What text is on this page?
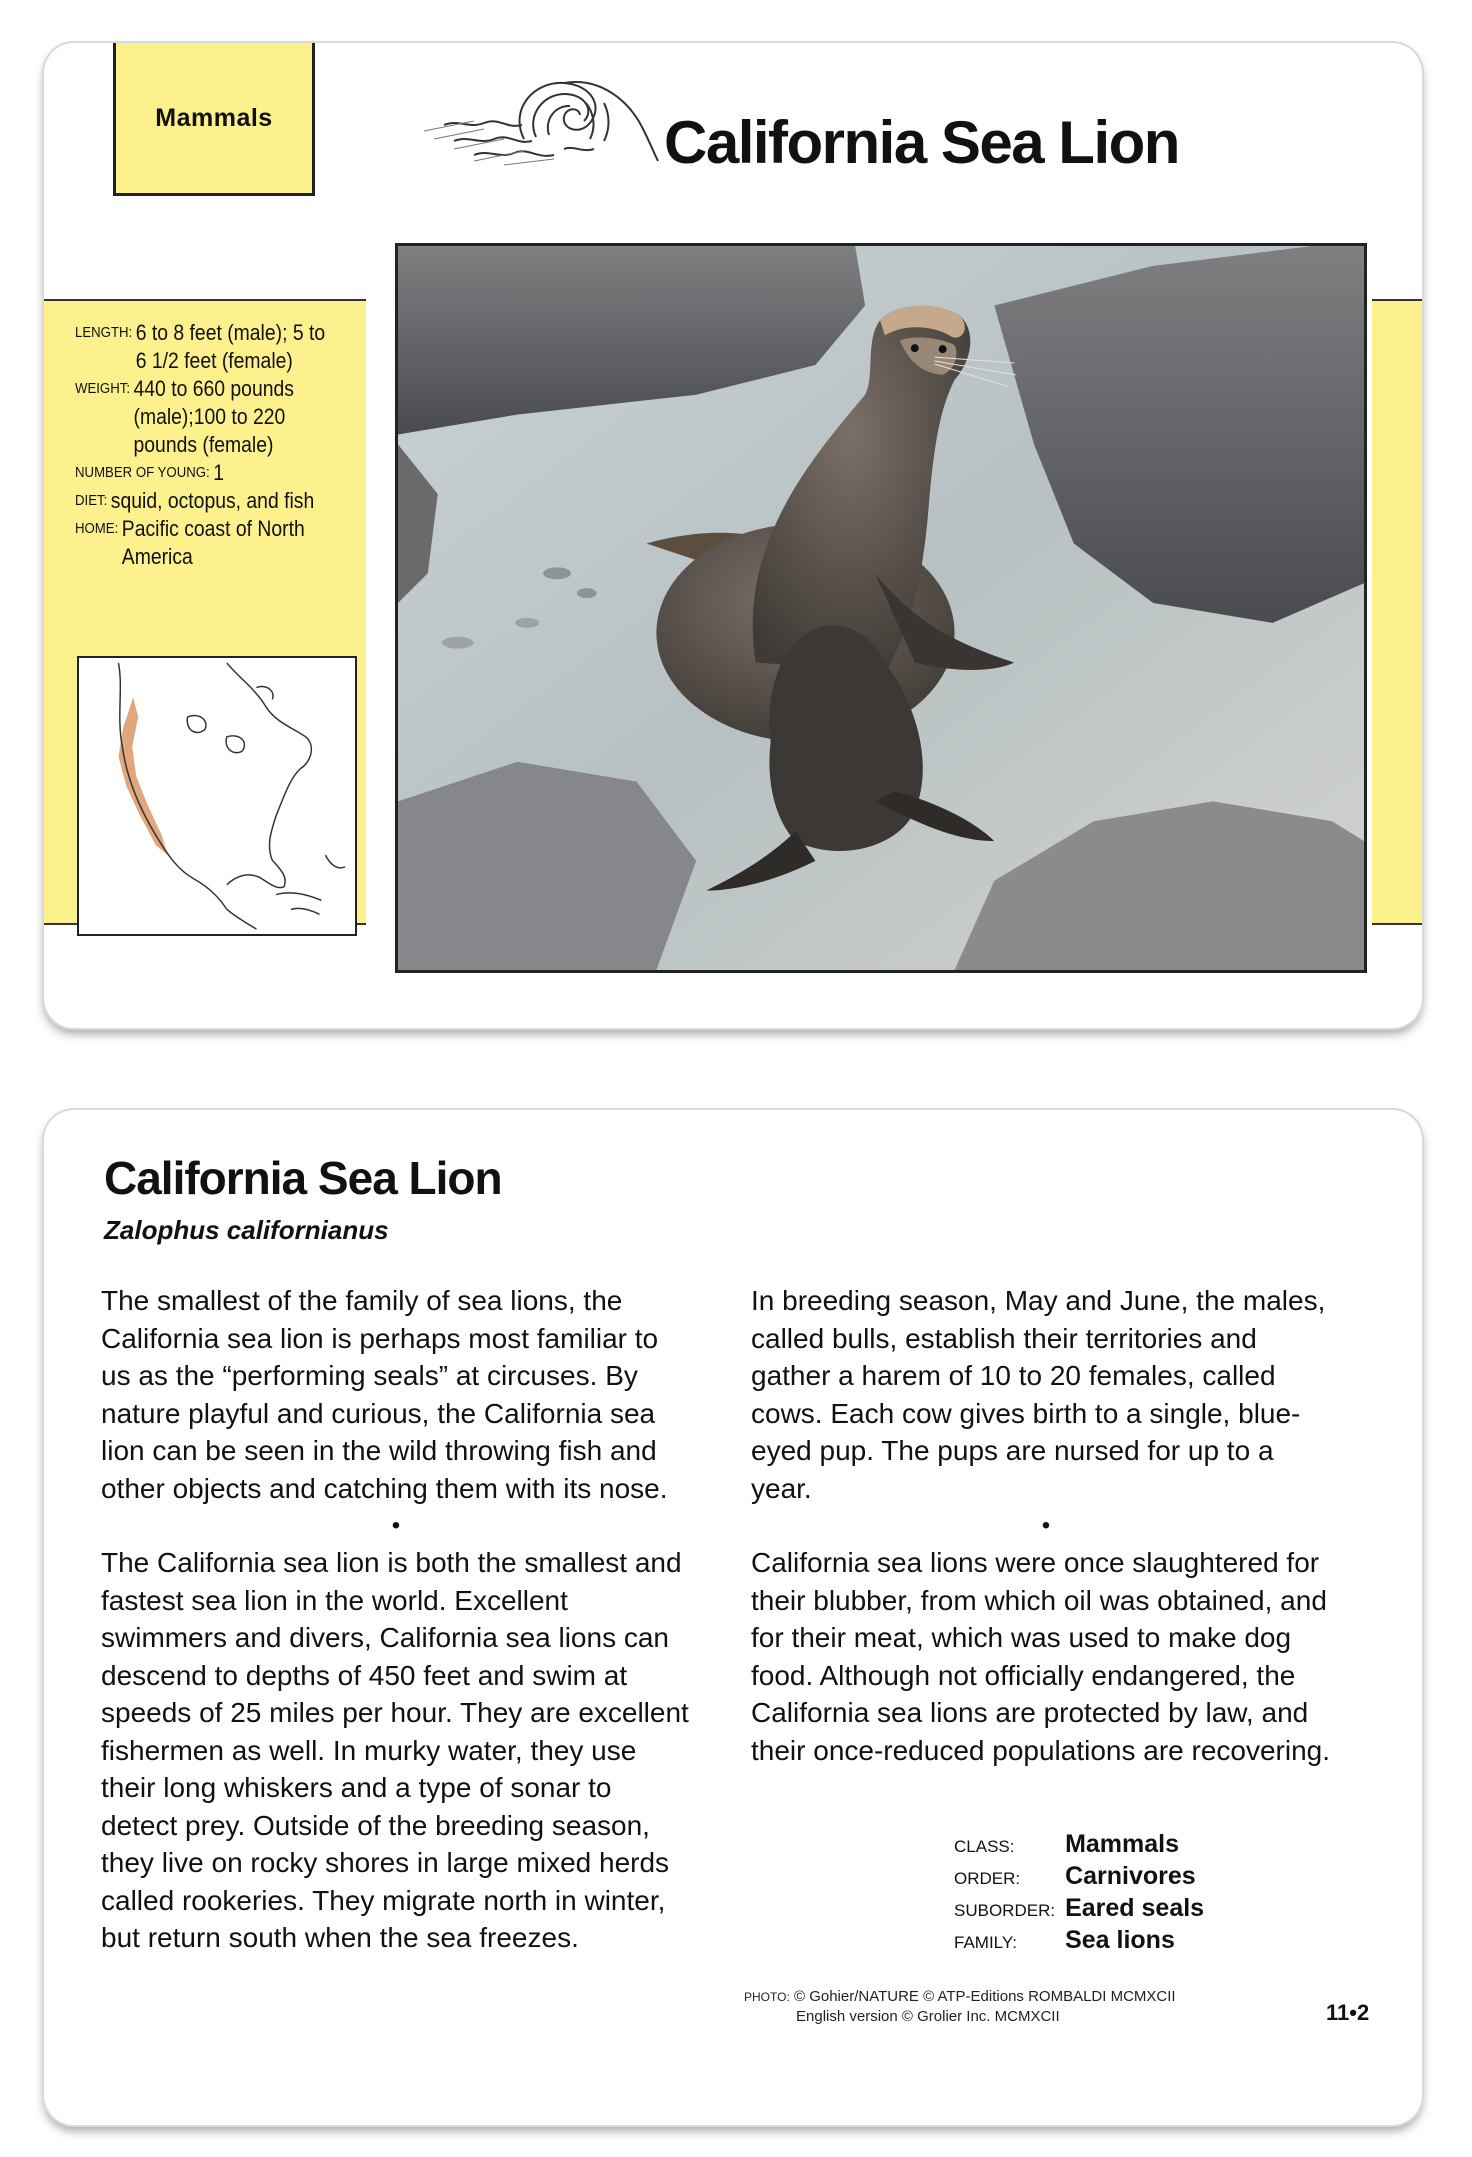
Mammals	California Sea Lion
LENGTH: 6 to 8 feet (male); 5 to 6 1/2 feet (female)
WEIGHT: 440 to 660 pounds (male);100 to 220 pounds (female)
NUMBER OF YOUNG: 1
DIET: squid, octopus, and fish
HOME: Pacific coast of North America
California Sea Lion

Zalophus californianus

The smallest of the family of sea lions, the California sea lion is perhaps most familiar to us as the “performing seals” at circuses. By nature playful and curious, the California sea lion can be seen in the wild throwing fish and other objects and catching them with its nose.

•

The California sea lion is both the smallest and fastest sea lion in the world. Excellent swimmers and divers, California sea lions can descend to depths of 450 feet and swim at speeds of 25 miles per hour. They are excellent fishermen as well. In murky water, they use their long whiskers and a type of sonar to detect prey. Outside of the breeding season, they live on rocky shores in large mixed herds called rookeries. They migrate north in winter, but return south when the sea freezes.

In breeding season, May and June, the males, called bulls, establish their territories and gather a harem of 10 to 20 females, called cows. Each cow gives birth to a single, blue-eyed pup. The pups are nursed for up to a year.

•

California sea lions were once slaughtered for their blubber, from which oil was obtained, and for their meat, which was used to make dog food. Although not officially endangered, the California sea lions are protected by law, and their once-reduced populations are recovering.

CLASS:	Mammals
ORDER:	Carnivores
SUBORDER:	Eared seals
FAMILY:	Sea lions
PHOTO: © Gohier/NATURE © ATP-Editions ROMBALDI MCMXCII
English version © Grolier Inc. MCMXCII	11•2
